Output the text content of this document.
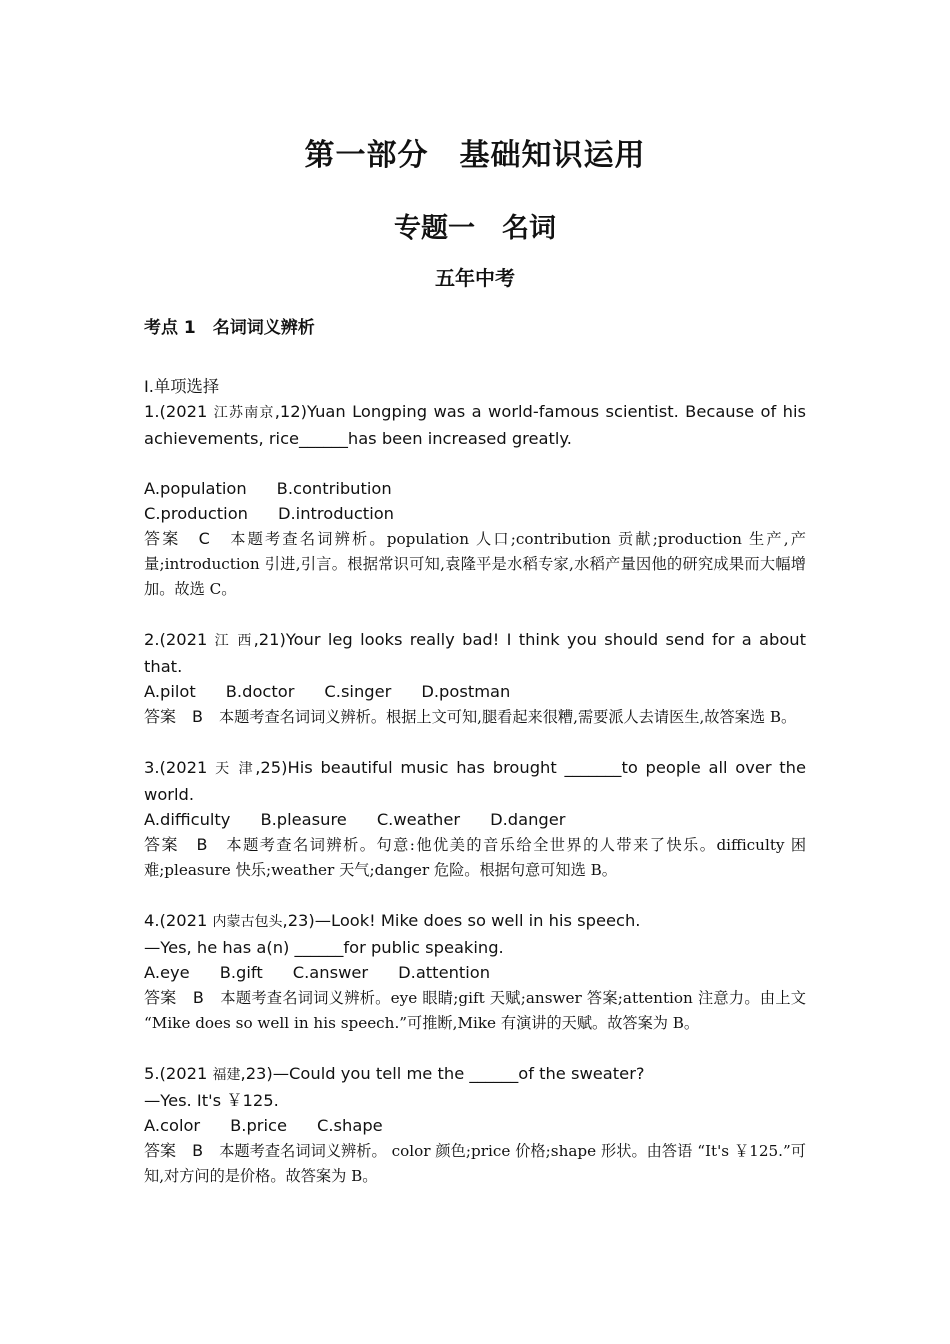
第一部分　基础知识运用
专题一　名词
五年中考
考点 1　名词词义辨析

Ⅰ.单项选择

1.(2021 江苏南京,12)Yuan Longping was a world-famous scientist. Because of his achievements, rice______has been increased greatly.

A.population B.contribution

C.production D.introduction

答案　C　本题考查名词辨析。population 人口;contribution 贡献;production 生产,产量;introduction 引进,引言。根据常识可知,袁隆平是水稻专家,水稻产量因他的研究成果而大幅增加。故选 C。

2.(2021 江 西,21)Your leg looks really bad! I think you should send for a about that.

A.pilot B.doctor C.singer D.postman

答案　B　本题考查名词词义辨析。根据上文可知,腿看起来很糟,需要派人去请医生,故答案选 B。

3.(2021 天 津,25)His beautiful music has brought _______to people all over the world.

A.difficulty B.pleasure C.weather D.danger

答案　B　本题考查名词辨析。句意:他优美的音乐给全世界的人带来了快乐。difficulty 困难;pleasure 快乐;weather 天气;danger 危险。根据句意可知选 B。

4.(2021 内蒙古包头,23)—Look! Mike does so well in his speech.

—Yes, he has a(n) ______for public speaking.

A.eye B.gift C.answer D.attention

答案　B　本题考查名词词义辨析。eye 眼睛;gift 天赋;answer 答案;attention 注意力。由上文 “Mike does so well in his speech.”可推断,Mike 有演讲的天赋。故答案为 B。

5.(2021 福建,23)—Could you tell me the ______of the sweater?

—Yes. It's ￥125.

A.color B.price C.shape

答案　B　本题考查名词词义辨析。 color 颜色;price 价格;shape 形状。由答语 “It's ￥125.”可知,对方问的是价格。故答案为 B。
